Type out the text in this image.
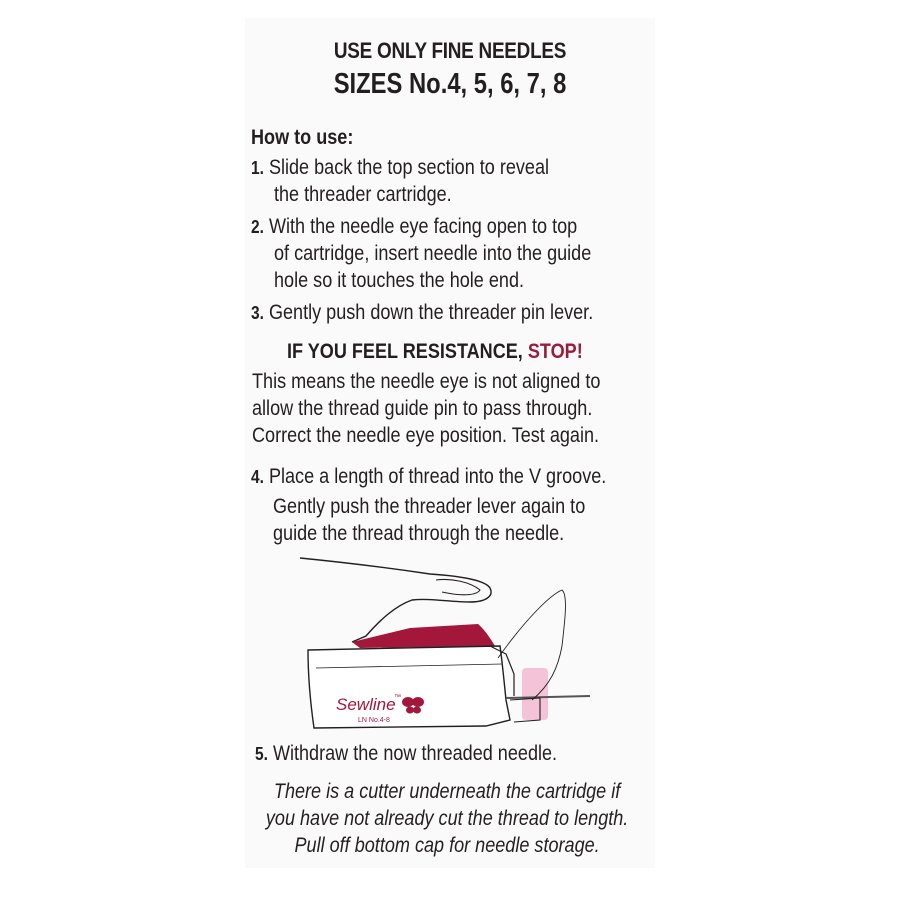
USE ONLY FINE NEEDLES
SIZES No.4, 5, 6, 7, 8
How to use:
1. Slide back the top section to reveal
the threader cartridge.
2. With the needle eye facing open to top
of cartridge, insert needle into the guide
hole so it touches the hole end.
3. Gently push down the threader pin lever.
IF YOU FEEL RESISTANCE, STOP!
This means the needle eye is not aligned to
allow the thread guide pin to pass through.
Correct the needle eye position. Test again.
4. Place a length of thread into the V groove.
Gently push the threader lever again to
guide the thread through the needle.
Sewline
™
LN No.4-8
5. Withdraw the now threaded needle.
There is a cutter underneath the cartridge if
you have not already cut the thread to length.
Pull off bottom cap for needle storage.
